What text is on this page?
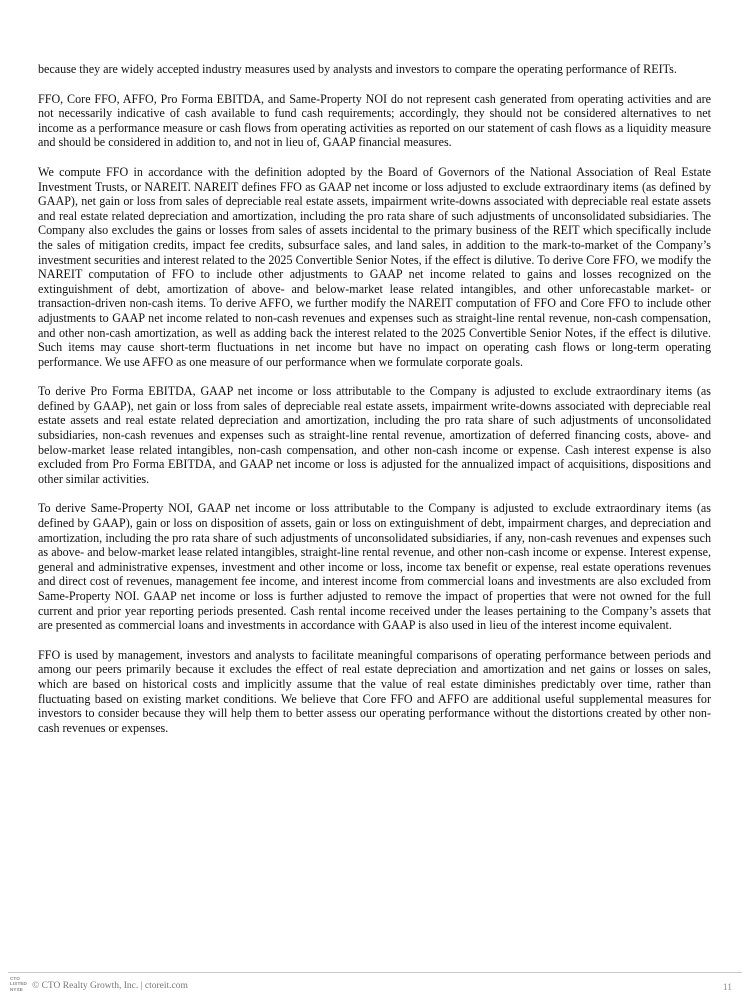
because they are widely accepted industry measures used by analysts and investors to compare the operating performance of REITs.

FFO, Core FFO, AFFO, Pro Forma EBITDA, and Same-Property NOI do not represent cash generated from operating activities and are not necessarily indicative of cash available to fund cash requirements; accordingly, they should not be considered alternatives to net income as a performance measure or cash flows from operating activities as reported on our statement of cash flows as a liquidity measure and should be considered in addition to, and not in lieu of, GAAP financial measures.

We compute FFO in accordance with the definition adopted by the Board of Governors of the National Association of Real Estate Investment Trusts, or NAREIT. NAREIT defines FFO as GAAP net income or loss adjusted to exclude extraordinary items (as defined by GAAP), net gain or loss from sales of depreciable real estate assets, impairment write-downs associated with depreciable real estate assets and real estate related depreciation and amortization, including the pro rata share of such adjustments of unconsolidated subsidiaries. The Company also excludes the gains or losses from sales of assets incidental to the primary business of the REIT which specifically include the sales of mitigation credits, impact fee credits, subsurface sales, and land sales, in addition to the mark-to-market of the Company’s investment securities and interest related to the 2025 Convertible Senior Notes, if the effect is dilutive. To derive Core FFO, we modify the NAREIT computation of FFO to include other adjustments to GAAP net income related to gains and losses recognized on the extinguishment of debt, amortization of above- and below-market lease related intangibles, and other unforecastable market- or transaction-driven non-cash items. To derive AFFO, we further modify the NAREIT computation of FFO and Core FFO to include other adjustments to GAAP net income related to non-cash revenues and expenses such as straight-line rental revenue, non-cash compensation, and other non-cash amortization, as well as adding back the interest related to the 2025 Convertible Senior Notes, if the effect is dilutive. Such items may cause short-term fluctuations in net income but have no impact on operating cash flows or long-term operating performance. We use AFFO as one measure of our performance when we formulate corporate goals.

To derive Pro Forma EBITDA, GAAP net income or loss attributable to the Company is adjusted to exclude extraordinary items (as defined by GAAP), net gain or loss from sales of depreciable real estate assets, impairment write-downs associated with depreciable real estate assets and real estate related depreciation and amortization, including the pro rata share of such adjustments of unconsolidated subsidiaries, non-cash revenues and expenses such as straight-line rental revenue, amortization of deferred financing costs, above- and below-market lease related intangibles, non-cash compensation, and other non-cash income or expense. Cash interest expense is also excluded from Pro Forma EBITDA, and GAAP net income or loss is adjusted for the annualized impact of acquisitions, dispositions and other similar activities.

To derive Same-Property NOI, GAAP net income or loss attributable to the Company is adjusted to exclude extraordinary items (as defined by GAAP), gain or loss on disposition of assets, gain or loss on extinguishment of debt, impairment charges, and depreciation and amortization, including the pro rata share of such adjustments of unconsolidated subsidiaries, if any, non-cash revenues and expenses such as above- and below-market lease related intangibles, straight-line rental revenue, and other non-cash income or expense. Interest expense, general and administrative expenses, investment and other income or loss, income tax benefit or expense, real estate operations revenues and direct cost of revenues, management fee income, and interest income from commercial loans and investments are also excluded from Same-Property NOI. GAAP net income or loss is further adjusted to remove the impact of properties that were not owned for the full current and prior year reporting periods presented. Cash rental income received under the leases pertaining to the Company’s assets that are presented as commercial loans and investments in accordance with GAAP is also used in lieu of the interest income equivalent.

FFO is used by management, investors and analysts to facilitate meaningful comparisons of operating performance between periods and among our peers primarily because it excludes the effect of real estate depreciation and amortization and net gains or losses on sales, which are based on historical costs and implicitly assume that the value of real estate diminishes predictably over time, rather than fluctuating based on existing market conditions. We believe that Core FFO and AFFO are additional useful supplemental measures for investors to consider because they will help them to better assess our operating performance without the distortions created by other non-cash revenues or expenses.

CTO
LISTED
NYSE © CTO Realty Growth, Inc. | ctoreit.com	11
